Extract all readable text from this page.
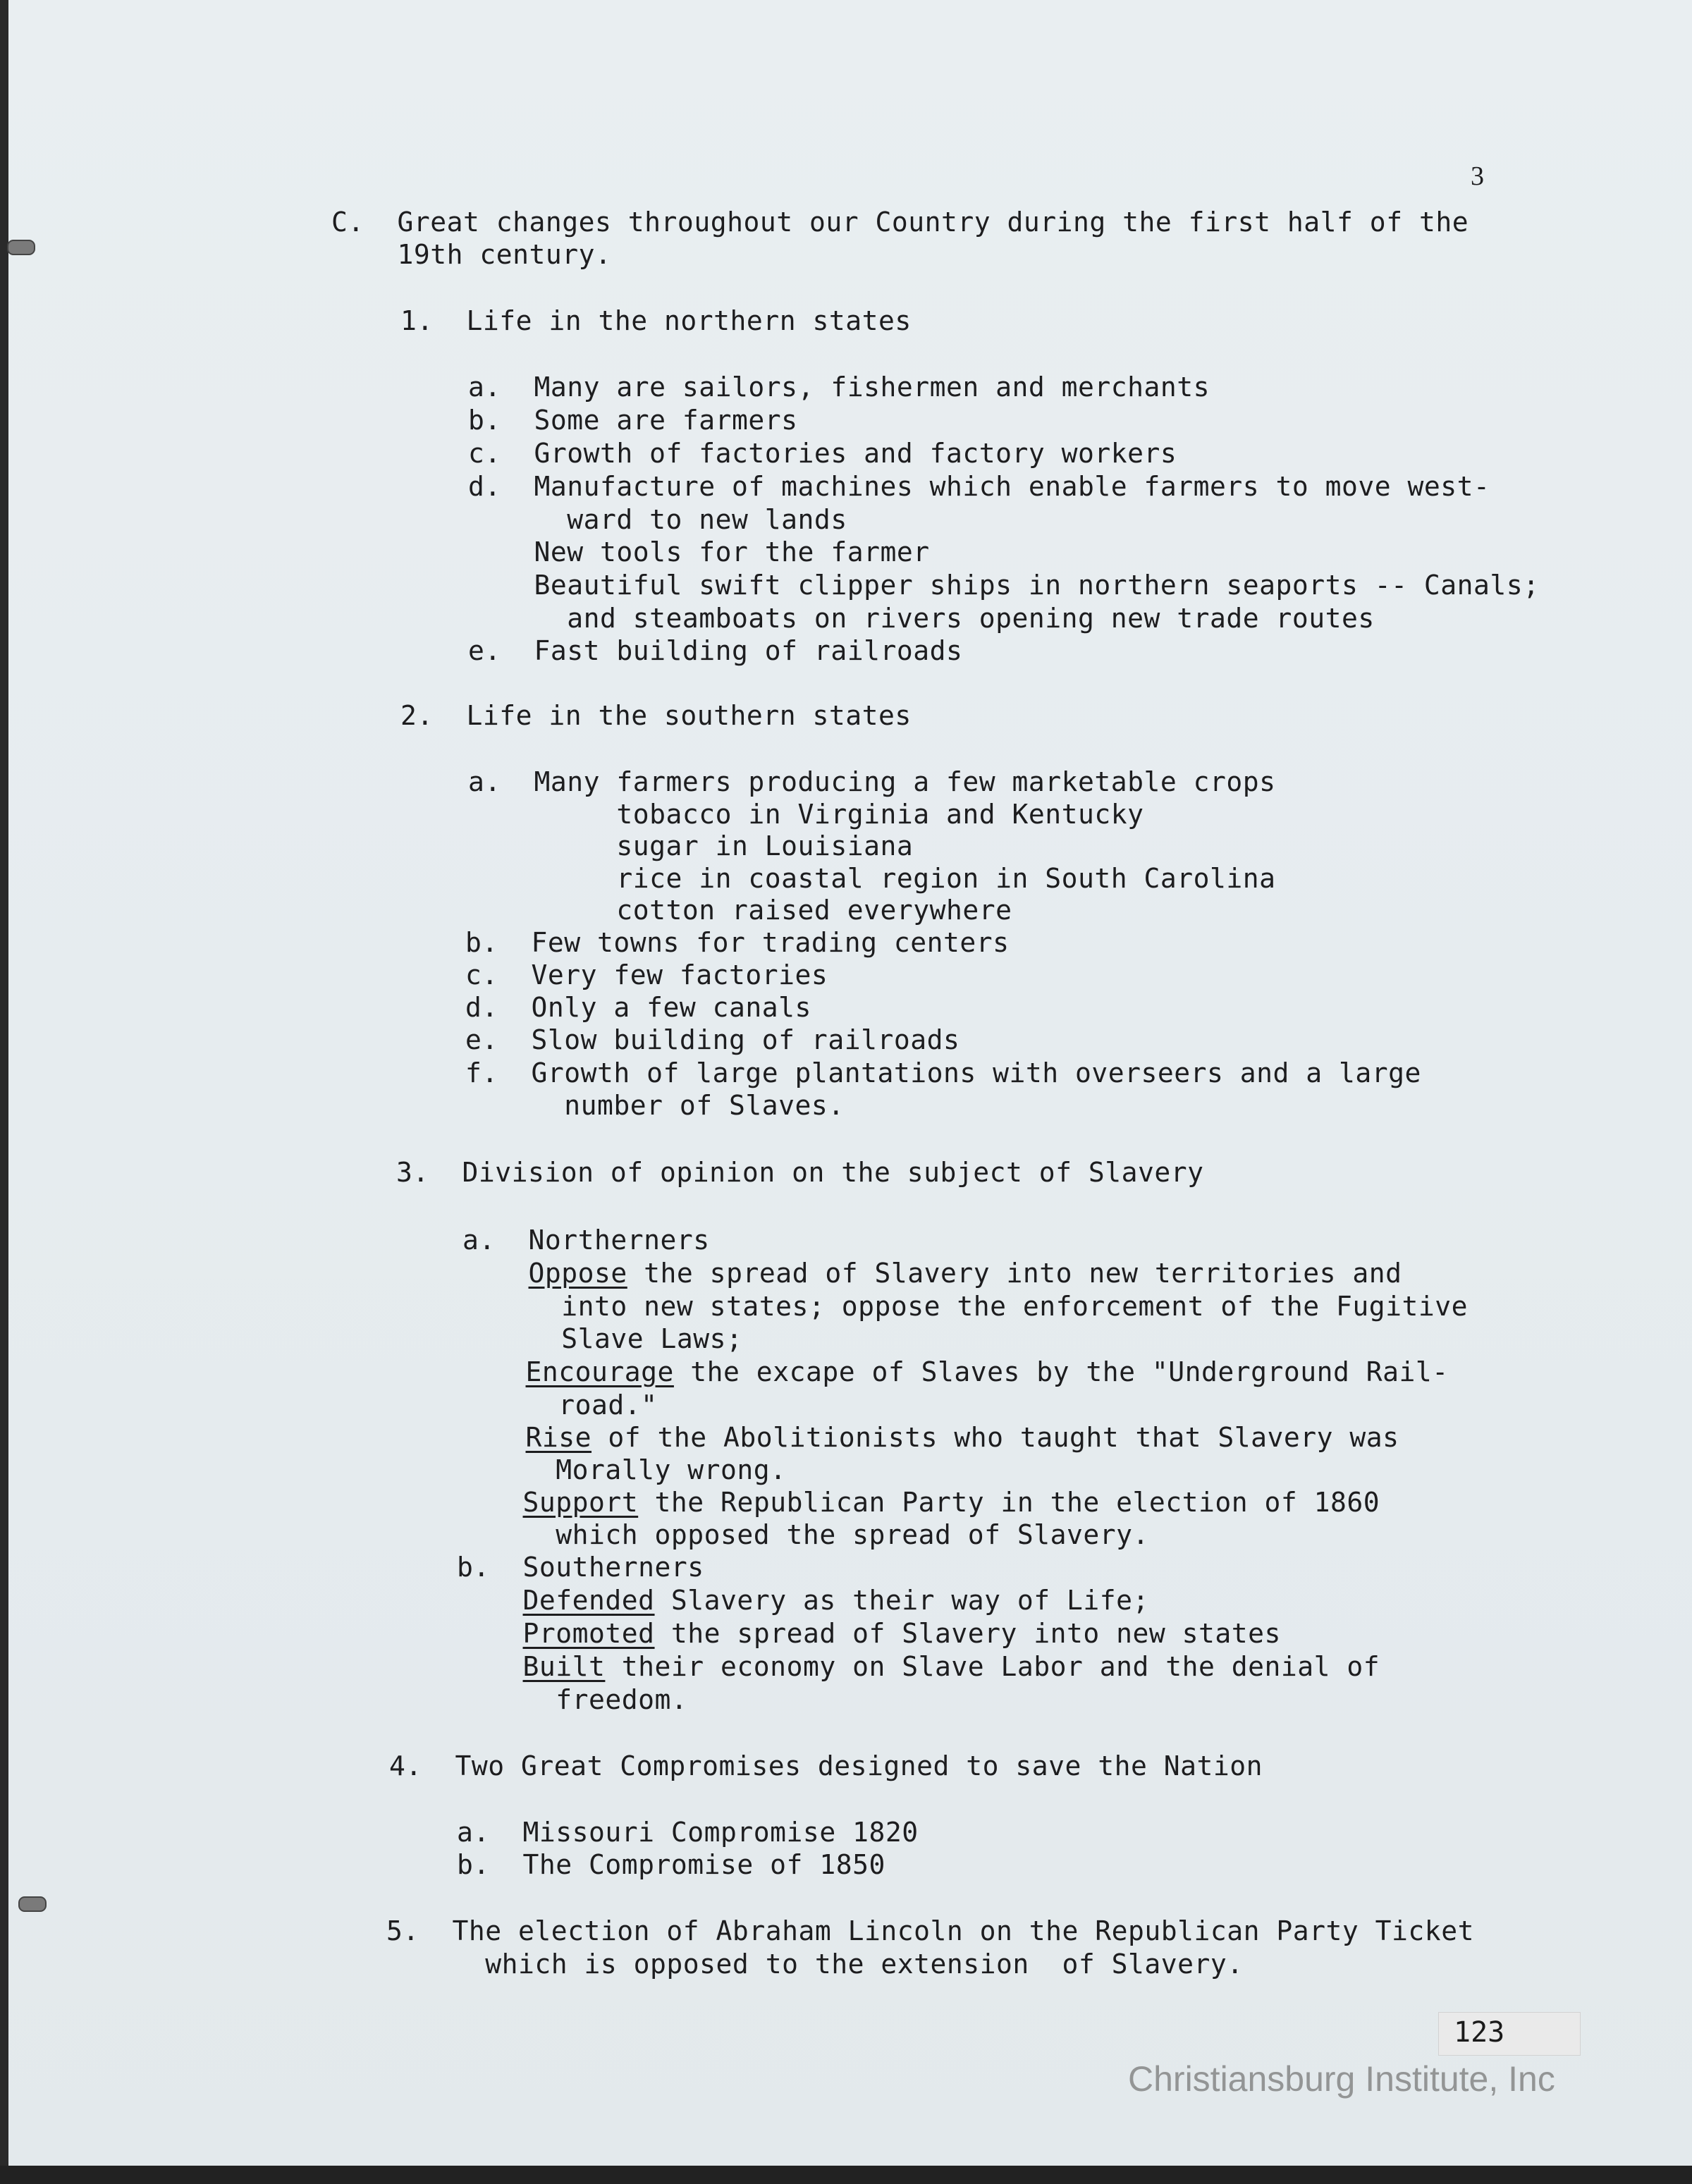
3
C.  Great changes throughout our Country during the first half of the
19th century.
1.  Life in the northern states
a.  Many are sailors, fishermen and merchants
b.  Some are farmers
c.  Growth of factories and factory workers
d.  Manufacture of machines which enable farmers to move west-
ward to new lands
New tools for the farmer
Beautiful swift clipper ships in northern seaports -- Canals;
and steamboats on rivers opening new trade routes
e.  Fast building of railroads
2.  Life in the southern states
a.  Many farmers producing a few marketable crops
tobacco in Virginia and Kentucky
sugar in Louisiana
rice in coastal region in South Carolina
cotton raised everywhere
b.  Few towns for trading centers
c.  Very few factories
d.  Only a few canals
e.  Slow building of railroads
f.  Growth of large plantations with overseers and a large
number of Slaves.
3.  Division of opinion on the subject of Slavery
a.  Northerners
Oppose the spread of Slavery into new territories and
into new states; oppose the enforcement of the Fugitive
Slave Laws;
Encourage the excape of Slaves by the "Underground Rail-
road."
Rise of the Abolitionists who taught that Slavery was
Morally wrong.
Support the Republican Party in the election of 1860
which opposed the spread of Slavery.
b.  Southerners
Defended Slavery as their way of Life;
Promoted the spread of Slavery into new states
Built their economy on Slave Labor and the denial of
freedom.
4.  Two Great Compromises designed to save the Nation
a.  Missouri Compromise 1820
b.  The Compromise of 1850
5.  The election of Abraham Lincoln on the Republican Party Ticket
which is opposed to the extension  of Slavery.
123
Christiansburg Institute, Inc
